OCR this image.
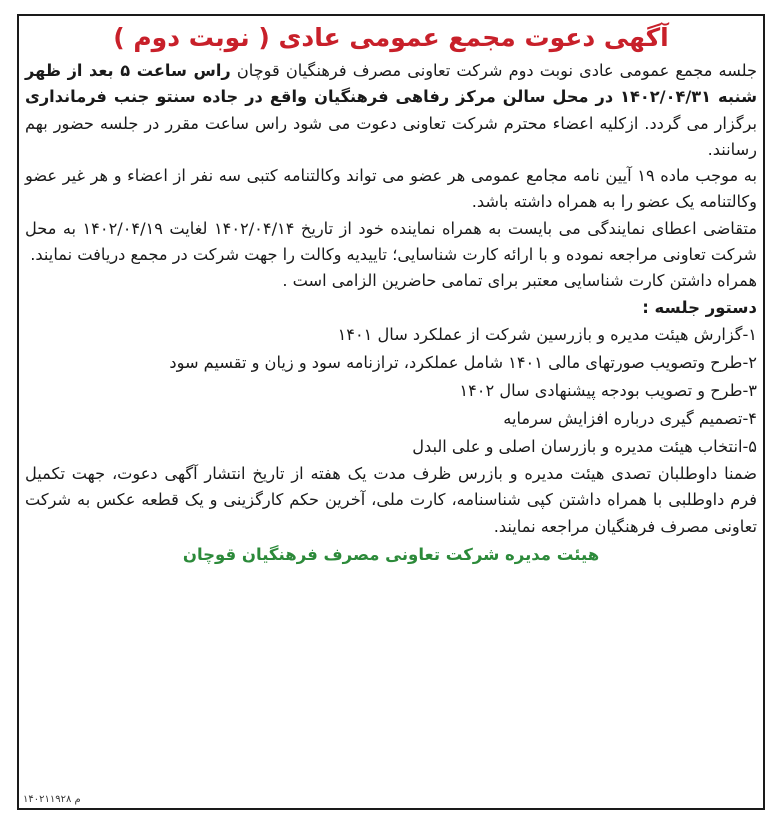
آگهی دعوت مجمع عمومی عادی ( نوبت دوم )

جلسه مجمع عمومی عادی نوبت دوم شرکت تعاونی مصرف فرهنگیان قوچان راس ساعت ۵ بعد از ظهر شنبه ۱۴۰۲/۰۴/۳۱ در محل سالن مرکز رفاهی فرهنگیان واقع در جاده سنتو جنب فرمانداری برگزار می گردد. ازکلیه اعضاء محترم شرکت تعاونی دعوت می شود راس ساعت مقرر در جلسه حضور بهم رسانند.

به موجب ماده ۱۹ آیین نامه مجامع عمومی هر عضو می تواند وکالتنامه کتبی سه نفر از اعضاء و هر غیر عضو وکالتنامه یک عضو را به همراه داشته باشد.

متقاضی اعطای نمایندگی می بایست به همراه نماینده خود از تاریخ ۱۴۰۲/۰۴/۱۴ لغایت ۱۴۰۲/۰۴/۱۹ به محل شرکت تعاونی مراجعه نموده و با ارائه کارت شناسایی؛ تاییدیه وکالت را جهت شرکت در مجمع دریافت نمایند.

همراه داشتن کارت شناسایی معتبر برای تمامی حاضرین الزامی است .

دستور جلسه :
۱-گزارش هیئت مدیره و بازرسین شرکت از عملکرد سال ۱۴۰۱
۲-طرح وتصویب صورتهای مالی ۱۴۰۱ شامل عملکرد، ترازنامه سود و زیان و تقسیم سود
۳-طرح و تصویب بودجه پیشنهادی سال ۱۴۰۲
۴-تصمیم گیری درباره افزایش سرمایه
۵-انتخاب هیئت مدیره و بازرسان اصلی و علی البدل

ضمنا داوطلبان تصدی هیئت مدیره و بازرس ظرف مدت یک هفته از تاریخ انتشار آگهی دعوت، جهت تکمیل فرم داوطلبی با همراه داشتن کپی شناسنامه، کارت ملی، آخرین حکم کارگزینی و یک قطعه عکس به شرکت تعاونی مصرف فرهنگیان مراجعه نمایند.

هیئت مدیره شرکت تعاونی مصرف فرهنگیان قوچان
م ۱۴۰۲۱۱۹۲۸
